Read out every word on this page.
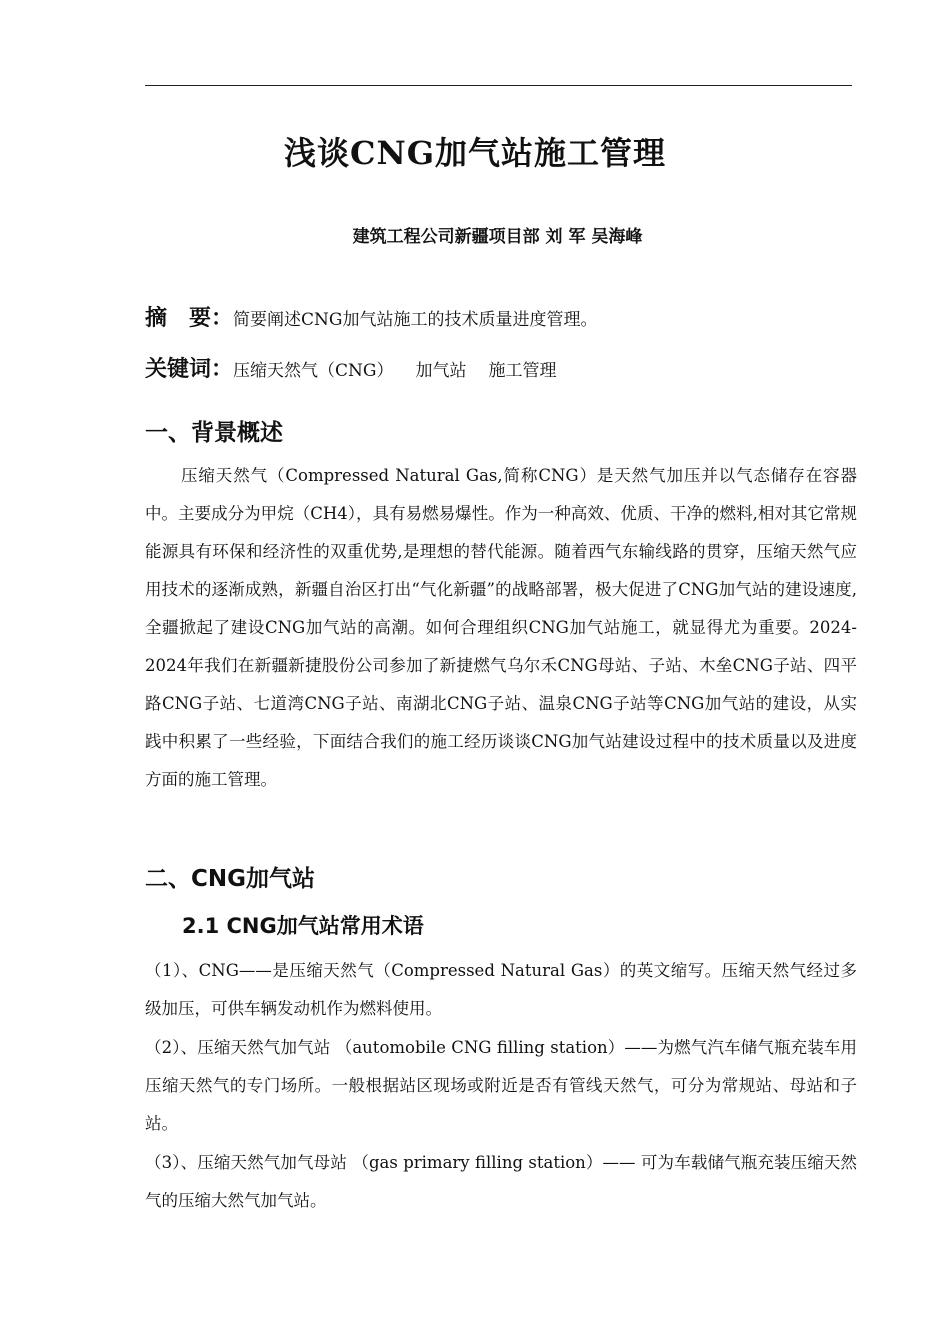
浅谈CNG加气站施工管理
建筑工程公司新疆项目部 刘 军 吴海峰
摘　要：简要阐述CNG加气站施工的技术质量进度管理。
关键词：压缩天然气（CNG） 加气站 施工管理
一、背景概述
压缩天然气（Compressed Natural Gas,简称CNG）是天然气加压并以气态储存在容器中。主要成分为甲烷（CH4），具有易燃易爆性。作为一种高效、优质、干净的燃料,相对其它常规能源具有环保和经济性的双重优势,是理想的替代能源。随着西气东输线路的贯穿，压缩天然气应用技术的逐渐成熟，新疆自治区打出“气化新疆”的战略部署，极大促进了CNG加气站的建设速度,全疆掀起了建设CNG加气站的高潮。如何合理组织CNG加气站施工，就显得尤为重要。2024-2024年我们在新疆新捷股份公司参加了新捷燃气乌尔禾CNG母站、子站、木垒CNG子站、四平路CNG子站、七道湾CNG子站、南湖北CNG子站、温泉CNG子站等CNG加气站的建设，从实践中积累了一些经验，下面结合我们的施工经历谈谈CNG加气站建设过程中的技术质量以及进度方面的施工管理。
二、CNG加气站
2.1 CNG加气站常用术语
（1）、CNG——是压缩天然气（Compressed Natural Gas）的英文缩写。压缩天然气经过多级加压，可供车辆发动机作为燃料使用。
（2）、压缩天然气加气站 （automobile CNG filling station）——为燃气汽车储气瓶充装车用压缩天然气的专门场所。一般根据站区现场或附近是否有管线天然气，可分为常规站、母站和子站。
（3）、压缩天然气加气母站 （gas primary filling station）—— 可为车载储气瓶充装压缩天然气的压缩大然气加气站。
